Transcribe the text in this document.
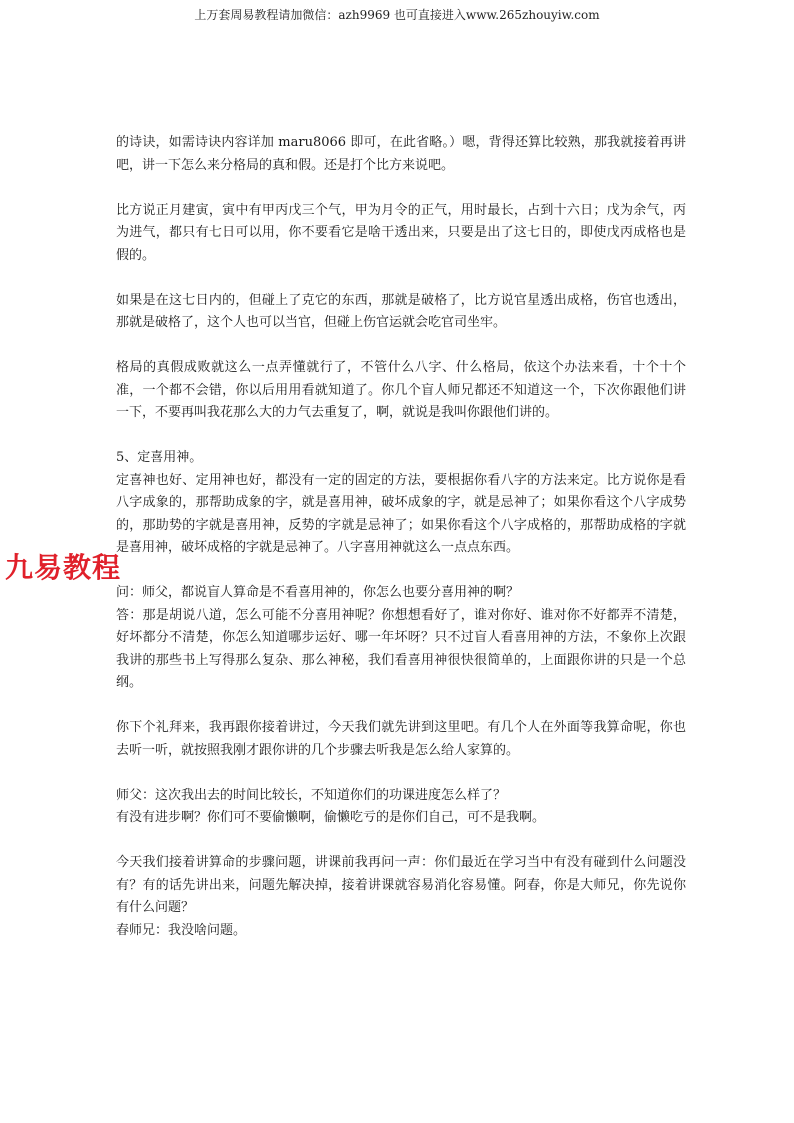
上万套周易教程请加微信：azh9969 也可直接进入www.265zhouyiw.com
九易教程

的诗诀，如需诗诀内容详加 maru8066 即可，在此省略。）嗯，背得还算比较熟，那我就接着再讲吧，讲一下怎么来分格局的真和假。还是打个比方来说吧。

比方说正月建寅，寅中有甲丙戊三个气，甲为月令的正气，用时最长，占到十六日；戊为余气，丙为进气，都只有七日可以用，你不要看它是啥干透出来，只要是出了这七日的，即使戊丙成格也是假的。

如果是在这七日内的，但碰上了克它的东西，那就是破格了，比方说官星透出成格，伤官也透出，那就是破格了，这个人也可以当官，但碰上伤官运就会吃官司坐牢。

格局的真假成败就这么一点弄懂就行了，不管什么八字、什么格局，依这个办法来看，十个十个准，一个都不会错，你以后用用看就知道了。你几个盲人师兄都还不知道这一个，下次你跟他们讲一下，不要再叫我花那么大的力气去重复了，啊，就说是我叫你跟他们讲的。

5、定喜用神。
定喜神也好、定用神也好，都没有一定的固定的方法，要根据你看八字的方法来定。比方说你是看八字成象的，那帮助成象的字，就是喜用神，破坏成象的字，就是忌神了；如果你看这个八字成势的，那助势的字就是喜用神，反势的字就是忌神了；如果你看这个八字成格的，那帮助成格的字就是喜用神，破坏成格的字就是忌神了。八字喜用神就这么一点点东西。

问：师父，都说盲人算命是不看喜用神的，你怎么也要分喜用神的啊？
答：那是胡说八道，怎么可能不分喜用神呢？你想想看好了，谁对你好、谁对你不好都弄不清楚，好坏都分不清楚，你怎么知道哪步运好、哪一年坏呀？只不过盲人看喜用神的方法，不象你上次跟我讲的那些书上写得那么复杂、那么神秘，我们看喜用神很快很简单的，上面跟你讲的只是一个总纲。

你下个礼拜来，我再跟你接着讲过，今天我们就先讲到这里吧。有几个人在外面等我算命呢，你也去听一听，就按照我刚才跟你讲的几个步骤去听我是怎么给人家算的。

师父：这次我出去的时间比较长，不知道你们的功课进度怎么样了？
有没有进步啊？你们可不要偷懒啊，偷懒吃亏的是你们自己，可不是我啊。

今天我们接着讲算命的步骤问题，讲课前我再问一声：你们最近在学习当中有没有碰到什么问题没有？有的话先讲出来，问题先解决掉，接着讲课就容易消化容易懂。阿春，你是大师兄，你先说你有什么问题？
春师兄：我没啥问题。
